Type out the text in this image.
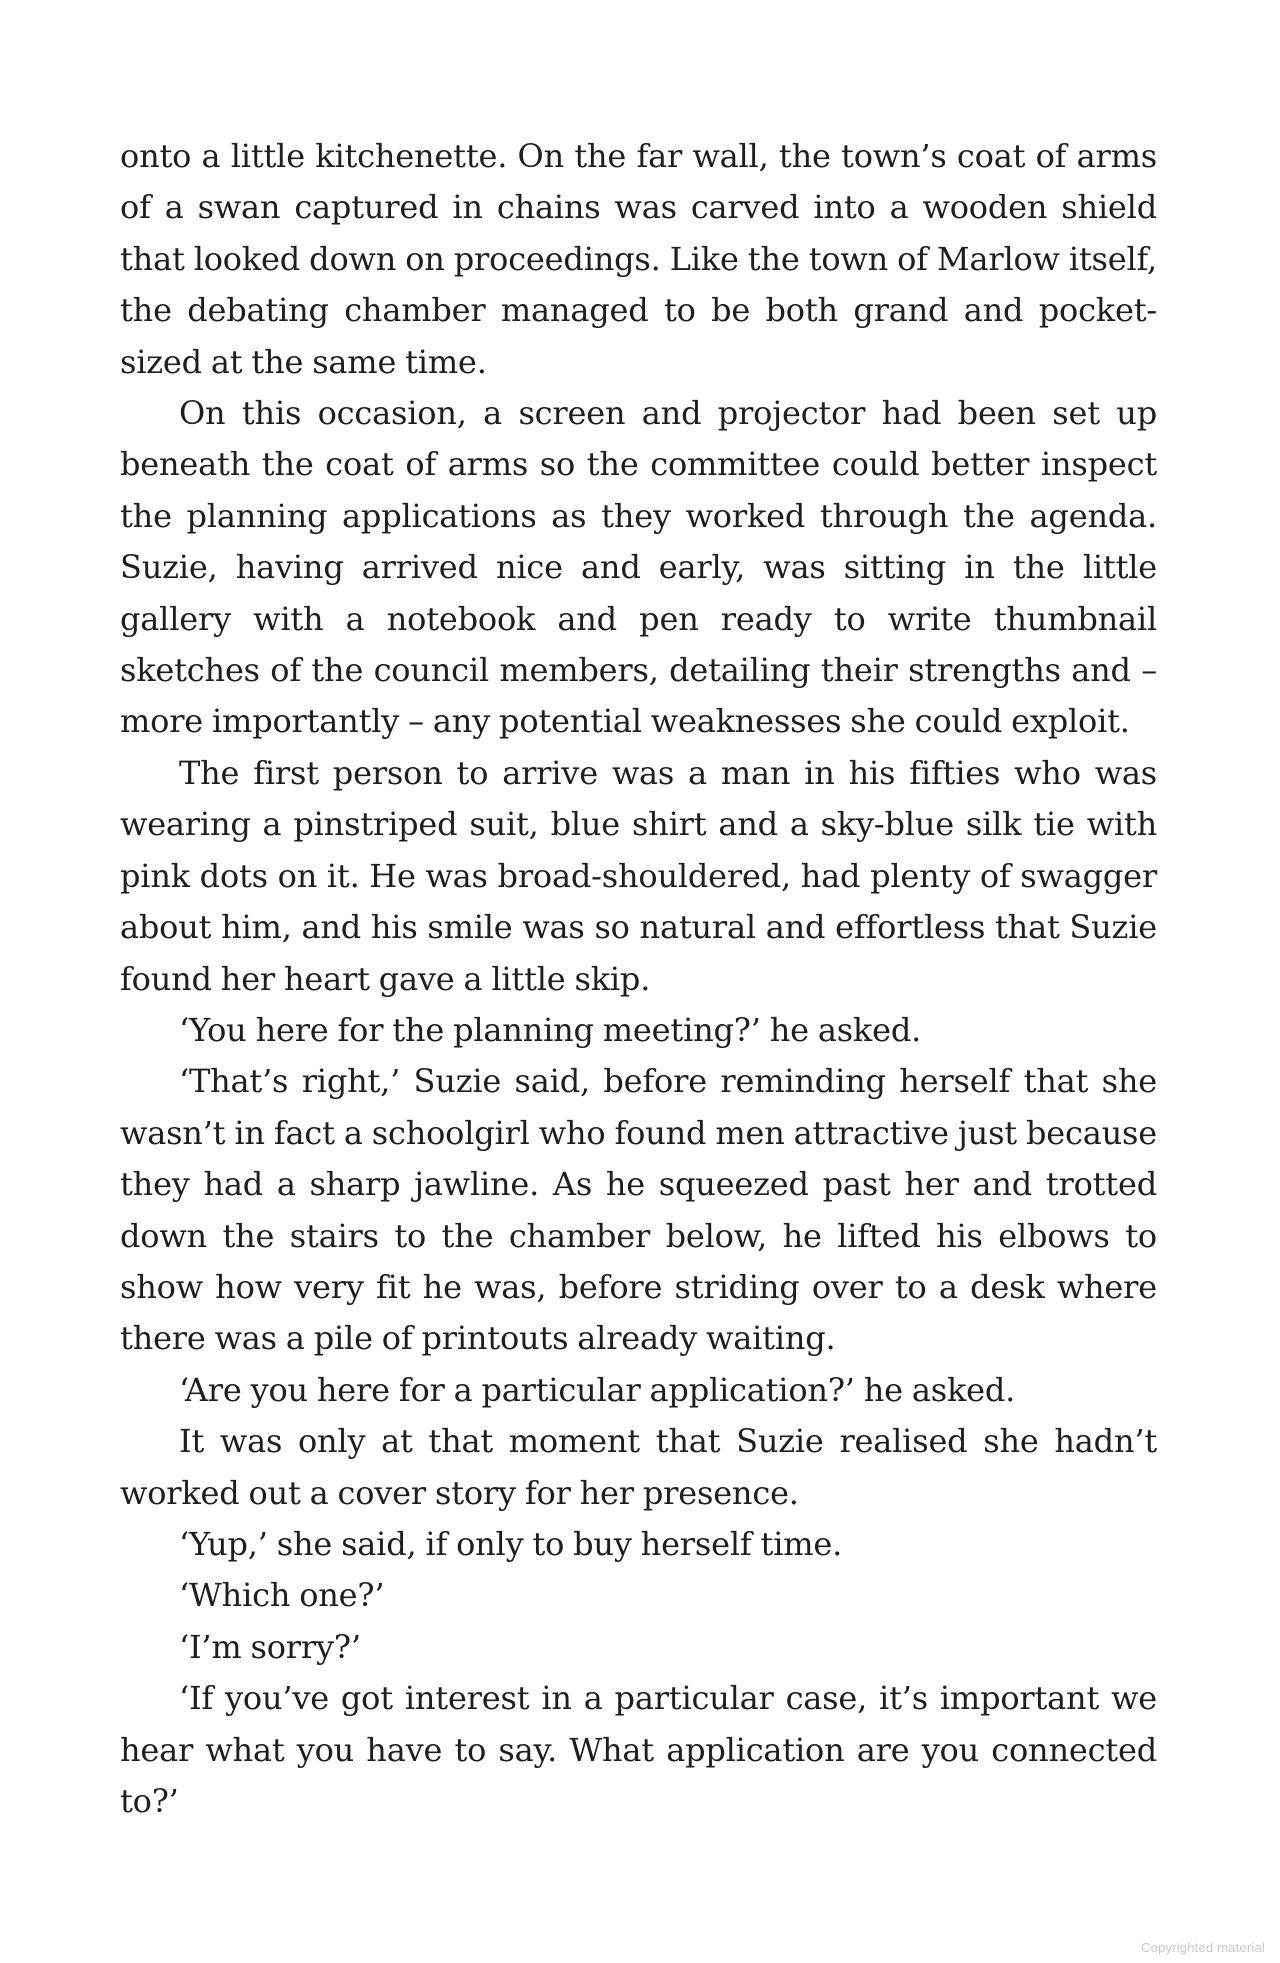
onto a little kitchenette. On the far wall, the town’s coat of arms of a swan captured in chains was carved into a wooden shield that looked down on proceedings. Like the town of Marlow itself, the debating chamber managed to be both grand and pocket-sized at the same time.

On this occasion, a screen and projector had been set up beneath the coat of arms so the committee could better inspect the planning applications as they worked through the agenda. Suzie, having arrived nice and early, was sitting in the little gallery with a notebook and pen ready to write thumbnail sketches of the council members, detailing their strengths and – more importantly – any potential weaknesses she could exploit.

The first person to arrive was a man in his fifties who was wearing a pinstriped suit, blue shirt and a sky-blue silk tie with pink dots on it. He was broad-shouldered, had plenty of swagger about him, and his smile was so natural and effortless that Suzie found her heart gave a little skip.

‘You here for the planning meeting?’ he asked.

‘That’s right,’ Suzie said, before reminding herself that she wasn’t in fact a schoolgirl who found men attractive just because they had a sharp jawline. As he squeezed past her and trotted down the stairs to the chamber below, he lifted his elbows to show how very fit he was, before striding over to a desk where there was a pile of printouts already waiting.

‘Are you here for a particular application?’ he asked.

It was only at that moment that Suzie realised she hadn’t worked out a cover story for her presence.

‘Yup,’ she said, if only to buy herself time.

‘Which one?’

‘I’m sorry?’

‘If you’ve got interest in a particular case, it’s important we hear what you have to say. What application are you connected to?’

Copyrighted material
